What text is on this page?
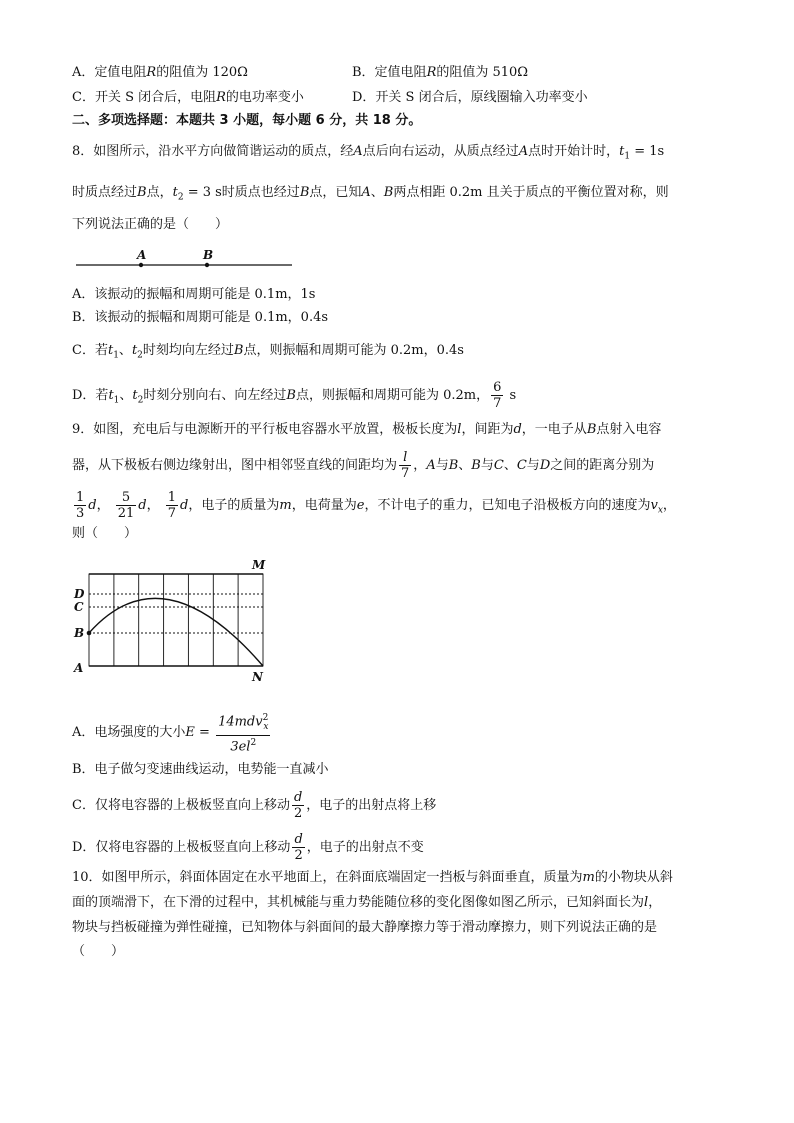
A．定值电阻R的阻值为 120Ω	B．定值电阻R的阻值为 510Ω
C．开关 S 闭合后，电阻R的电功率变小	D．开关 S 闭合后，原线圈输入功率变小
二、多项选择题：本题共 3 小题，每小题 6 分，共 18 分。
8．如图所示，沿水平方向做简谐运动的质点，经A点后向右运动，从质点经过A点时开始计时，$t_1 = 1s$
时质点经过B点，$t_2 = 3$ s时质点也经过B点，已知A、B两点相距 0.2m 且关于质点的平衡位置对称，则
下列说法正确的是（　　）
A	B
A．该振动的振幅和周期可能是 0.1m，1s
B．该振动的振幅和周期可能是 0.1m，0.4s
C．若$t_1$、$t_2$时刻均向左经过B点，则振幅和周期可能为 0.2m，0.4s
D．若$t_1$、$t_2$时刻分别向右、向左经过B点，则振幅和周期可能为 0.2m， $\frac{6}{7}$ s
9．如图，充电后与电源断开的平行板电容器水平放置，极板长度为l，间距为d，一电子从B点射入电容
器，从下极板右侧边缘射出，图中相邻竖直线的间距均为 $\frac{l}{7}$ ，A与B、B与C、C与D之间的距离分别为
$\frac{1}{3}$ d， $\frac{5}{21}$ d， $\frac{1}{7}$ d，电子的质量为m，电荷量为e，不计电子的重力，已知电子沿极板方向的速度为$v_x$，
则（　　）
A
B
C
D
M
N
A．电场强度的大小$E = \frac{14mdv^2_x}{3el^2}$
B．电子做匀变速曲线运动，电势能一直减小
C．仅将电容器的上极板竖直向上移动 $\frac{d}{2}$ ，电子的出射点将上移
D．仅将电容器的上极板竖直向上移动 $\frac{d}{2}$ ，电子的出射点不变
10．如图甲所示，斜面体固定在水平地面上，在斜面底端固定一挡板与斜面垂直，质量为m的小物块从斜
面的顶端滑下，在下滑的过程中，其机械能与重力势能随位移的变化图像如图乙所示，已知斜面长为l，
物块与挡板碰撞为弹性碰撞，已知物体与斜面间的最大静摩擦力等于滑动摩擦力，则下列说法正确的是
（　　）
